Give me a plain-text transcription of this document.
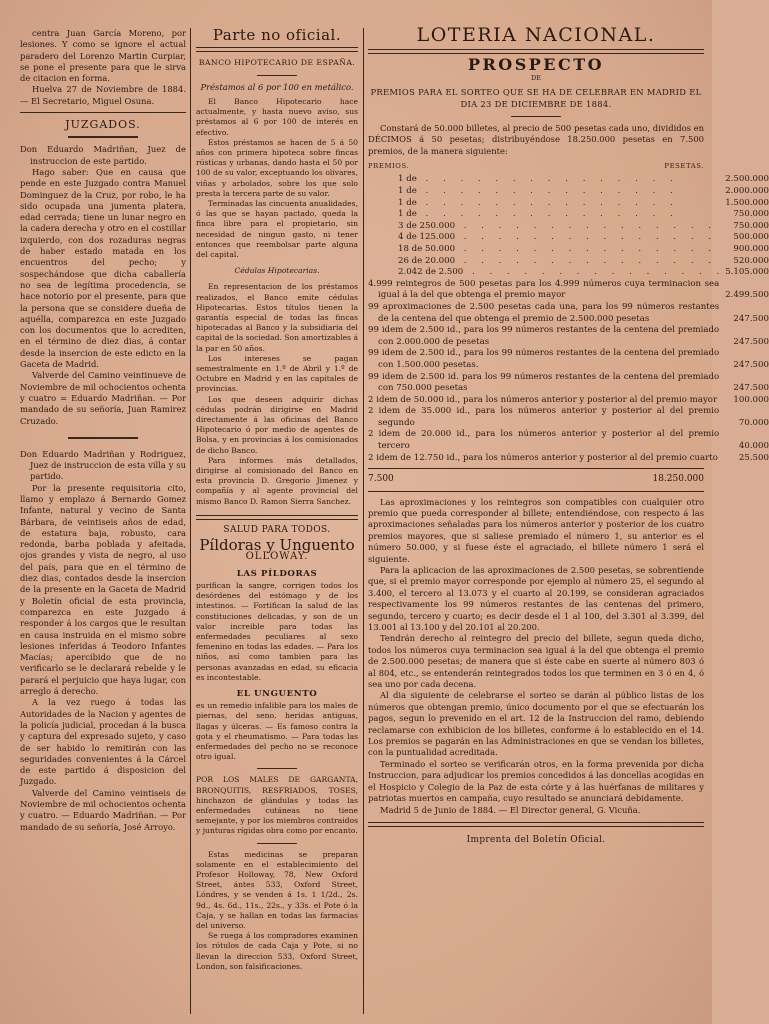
centra Juan García Moreno, por lesiones. Y como se ignore el actual paradero del Lorenzo Martin Curpiar, se pone el presente para que le sirva de citacion en forma.

Huelva 27 de Noviembre de 1884. — El Secretario, Miguel Osuna.

JUZGADOS.

Don Eduardo Madriñan, Juez de instruccion de este partido.

Hago saber: Que en causa que pende en este Juzgado contra Manuel Dominguez de la Cruz, por robo, le ha sido ocupada una jumenta platera, edad cerrada; tiene un lunar negro en la cadera derecha y otro en el costillar izquierdo, con dos rozaduras negras de haber estado matada en los encuentros del pecho; y sospechándose que dicha caballería no sea de legítima procedencia, se hace notorio por el presente, para que la persona que se considere dueña de aquélla, comparezca en este Juzgado con los documentos que lo acrediten, en el término de diez dias, á contar desde la insercion de este edicto en la Gaceta de Madrid.

Valverde del Camino veintinueve de Noviembre de mil ochocientos ochenta y cuatro = Eduardo Madriñan. — Por mandado de su señoría, Juan Ramirez Cruzado.

Don Eduardo Madriñan y Rodriguez, Juez de instruccion de esta villa y su partido.

Por la presente requisitoria cito, llamo y emplazo á Bernardo Gomez Infante, natural y vecino de Santa Bárbara, de veintiseis años de edad, de estatura baja, robusto, cara redonda, barba poblada y afeitada, ojos grandes y vista de negro, al uso del país, para que en el término de diez dias, contados desde la insercion de la presente en la Gaceta de Madrid y Boletín oficial de esta provincia, comparezca en este Juzgado á responder á los cargos que le resultan en causa instruida en el mismo sobre lesiones inferidas á Teodoro Infantes Macías; apercibido que de no verificarlo se le declarará rebelde y le parará el perjuicio que haya lugar, con arreglo á derecho.

A la vez ruego á todas las Autoridades de la Nacion y agentes de la policía judicial, procedan á la busca y captura del expresado sujeto, y caso de ser habido lo remitirán con las seguridades convenientes á la Cárcel de este partido á disposicion del Juzgado.

Valverde del Camino veintiseis de Noviembre de mil ochocientos ochenta y cuatro. — Eduardo Madriñan. — Por mandado de su señoría, José Arroyo.

Parte no oficial.
BANCO HIPOTECARIO DE ESPAÑA.

Préstamos al 6 por 100 en metálico.

El Banco Hipotecario hace actualmente, y hasta nuevo aviso, sus préstamos al 6 por 100 de interés en efectivo.

Estos préstamos se hacen de 5 á 50 años con primera hipoteca sobre fincas rústicas y urbanas, dando hasta el 50 por 100 de su valor, exceptuando los olivares, viñas y arbolados, sobre los que solo presta la tercera parte de su valor.

Terminadas las cincuenta anualidades, ó las que se hayan pactado, queda la finca libre para el propietario, sin necesidad de ningun gasto, ni tener entonces que reembolsar parte alguna del capital.

Cédulas Hipotecarias.

En representacion de los préstamos realizados, el Banco emite cédulas Hipotecarias. Estos títulos tienen la garantía especial de todas las fincas hipotecadas al Banco y la subsidiaria del capital de la sociedad. Son amortizables á la par en 50 años.

Los intereses se pagan semestralmente en 1.º de Abril y 1.º de Octubre en Madrid y en las capitales de provincias.

Los que deseen adquirir dichas cédulas podrán dirigirse en Madrid directamente á las oficinas del Banco Hipotecario ó por medio de agentes de Bolsa, y en provincias á los comisionados de dicho Banco.

Para informes más detallados, dirigirse al comisionado del Banco en esta provincia D. Gregorio Jimenez y compañía y al agente provincial del mismo Banco D. Ramon Sierra Sanchez.

SALUD PARA TODOS.
Píldoras y Unguento
OLLOWAY.
LAS PÍLDORAS

purifican la sangre, corrigen todos los desórdenes del estómago y de los intestinos. — Fortifican la salud de las constituciones delicadas, y son de un valor increible para todas las enfermedades peculiares al sexo femenino en todas las edades. — Para los niños, así como tambien para las personas avanzadas en edad, su eficacia es incontestable.

EL UNGUENTO

es un remedio infalible para los males de piernas, del seno, heridas antiguas, llagas y úlceras. — Es famoso contra la gota y el rheumatismo. — Para todas las enfermedades del pecho no se reconoce otro igual.

POR LOS MALES DE GARGANTA, BRONQUITIS, RESFRIADOS, TOSES, hinchazon de glándulas y todas las enfermedades cutáneas no tiene semejante, y por los miembros contraidos y junturas rígidas obra como por encanto.

Estas medicinas se preparan solamente en el establecimiento del Profesor Holloway, 78, New Oxford Street, ántes 533, Oxford Street, Lóndres, y se venden á 1s. 1 1/2d., 2s. 9d., 4s. 6d., 11s., 22s., y 33s. el Pote ó la Caja, y se hallan en todas las farmacias del universo.

Se ruega á los compradores examinen los rótulos de cada Caja y Pote, si no llevan la direccion 533, Oxford Street, London, son falsificaciones.

LOTERIA NACIONAL.
PROSPECTO
DE
PREMIOS PARA EL SORTEO QUE SE HA DE CELEBRAR EN MADRID EL DIA 23 DE DICIEMBRE DE 1884.

Constará de 50.000 billetes, al precio de 500 pesetas cada uno, divididos en DÉCIMOS á 50 pesetas; distribuyéndose 18.250.000 pesetas en 7.500 premios, de la manera siguiente:

PREMIOS.	PESETAS.
1 de . . . . . . . . . . . . . . .	2.500.000
1 de . . . . . . . . . . . . . . .	2.000.000
1 de . . . . . . . . . . . . . . .	1.500.000
1 de . . . . . . . . . . . . . . .	750.000
3 de 250.000 . . . . . . . . . . . . . . .	750.000
4 de 125.000 . . . . . . . . . . . . . . .	500.000
18 de 50.000 . . . . . . . . . . . . . . .	900.000
26 de 20.000 . . . . . . . . . . . . . . .	520.000
2.042 de 2.500 . . . . . . . . . . . . . . .	5.105.000
4.999 reintegros de 500 pesetas para los 4.999 números cuya terminacion sea igual á la del que obtenga el premio mayor	2.499.500
99 aproximaciones de 2.500 pesetas cada una, para los 99 números restantes de la centena del que obtenga el premio de 2.500.000 pesetas	247.500
99 idem de 2.500 id., para los 99 números restantes de la centena del premiado con 2.000.000 de pesetas	247.500
99 idem de 2.500 id., para los 99 números restantes de la centena del premiado con 1.500.000 pesetas.	247.500
99 idem de 2.500 id. para los 99 números restantes de la centena del premiado con 750.000 pesetas	247.500
2 idem de 50.000 id., para los números anterior y posterior al del premio mayor	100.000
2 idem de 35.000 id., para los números anterior y posterior al del premio segundo	70.000
2 idem de 20.000 id., para los números anterior y posterior al del premio tercero	40.000
2 idem de 12.750 id., para los números anterior y posterior al del premio cuarto	25.500
7.500	18.250.000

Las aproximaciones y los reintegros son compatibles con cualquier otro premio que pueda corresponder al billete; entendiéndose, con respecto á las aproximaciones señaladas para los números anterior y posterior de los cuatro premios mayores, que si saliese premiado el número 1, su anterior es el número 50.000, y si fuese éste el agraciado, el billete número 1 será el siguiente.

Para la aplicacion de las aproximaciones de 2.500 pesetas, se sobrentiende que, si el premio mayor corresponde por ejemplo al número 25, el segundo al 3.400, el tercero al 13.073 y el cuarto al 20.199, se consideran agraciados respectivamente los 99 números restantes de las centenas del primero, segundo, tercero y cuarto; es decir desde el 1 al 100, del 3.301 al 3.399, del 13.001 al 13.100 y del 20.101 al 20.200.

Tendrán derecho al reintegro del precio del billete, segun queda dicho, todos los números cuya terminacion sea igual á la del que obtenga el premio de 2.500.000 pesetas; de manera que si éste cabe en suerte al número 803 ó al 804, etc., se entenderán reintegrados todos los que terminen en 3 ó en 4, ó sea uno por cada decena.

Al dia siguiente de celebrarse el sorteo se darán al público listas de los números que obtengan premio, único documento por el que se efectuarán los pagos, segun lo prevenido en el art. 12 de la Instruccion del ramo, debiendo reclamarse con exhibicion de los billetes, conforme á lo establecido en el 14. Los premios se pagarán en las Administraciones en que se vendan los billetes, con la puntualidad acreditada.

Terminado el sorteo se verificarán otros, en la forma prevenida por dicha Instruccion, para adjudicar los premios concedidos á las doncellas acogidas en el Hospicio y Colegio de la Paz de esta córte y á las huérfanas de militares y patriotas muertos en campaña, cuyo resultado se anunciará debidamente.

Madrid 5 de Junio de 1884. — El Director general, G. Vicuña.

Imprenta del Boletín Oficial.
